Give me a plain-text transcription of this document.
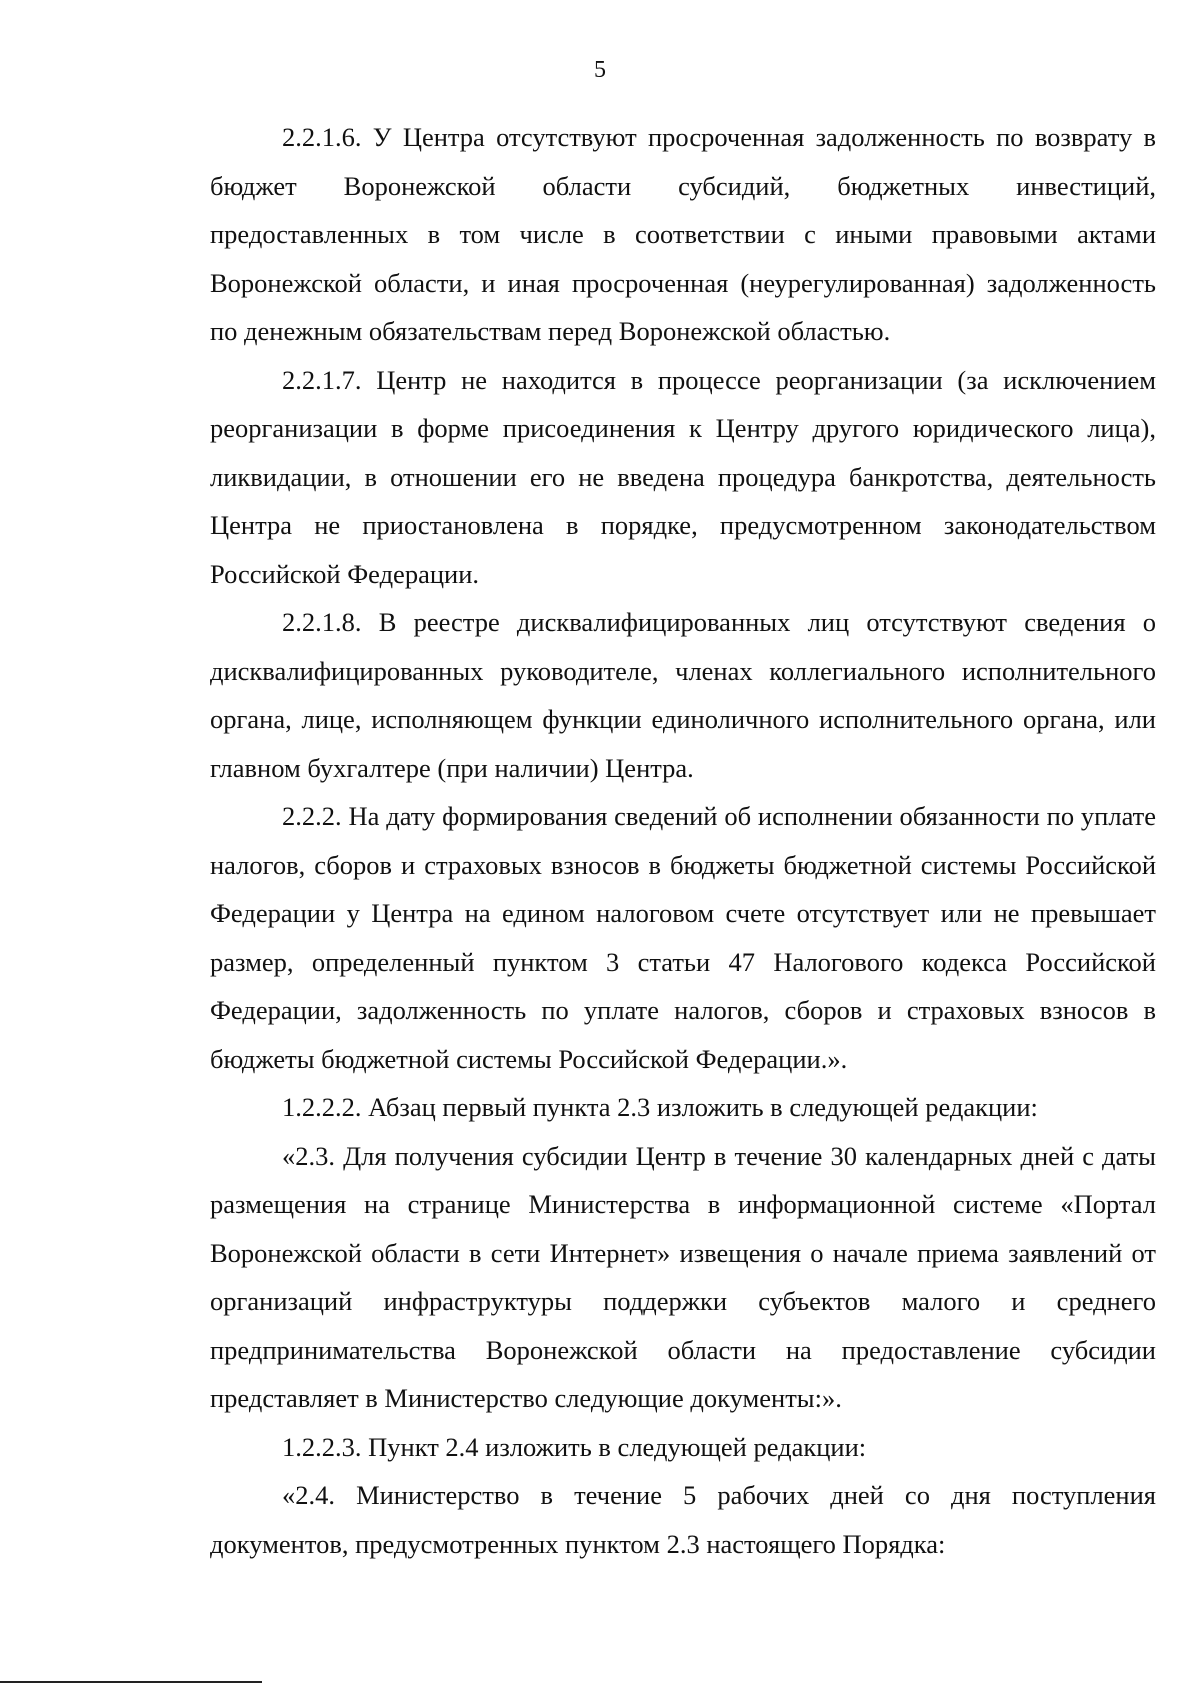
5

2.2.1.6. У Центра отсутствуют просроченная задолженность по возврату в бюджет Воронежской области субсидий, бюджетных инвестиций, предоставленных в том числе в соответствии с иными правовыми актами Воронежской области, и иная просроченная (неурегулированная) задолженность по денежным обязательствам перед Воронежской областью.

2.2.1.7. Центр не находится в процессе реорганизации (за исключением реорганизации в форме присоединения к Центру другого юридического лица), ликвидации, в отношении его не введена процедура банкротства, деятельность Центра не приостановлена в порядке, предусмотренном законодательством Российской Федерации.

2.2.1.8. В реестре дисквалифицированных лиц отсутствуют сведения о дисквалифицированных руководителе, членах коллегиального исполнительного органа, лице, исполняющем функции единоличного исполнительного органа, или главном бухгалтере (при наличии) Центра.

2.2.2. На дату формирования сведений об исполнении обязанности по уплате налогов, сборов и страховых взносов в бюджеты бюджетной системы Российской Федерации у Центра на едином налоговом счете отсутствует или не превышает размер, определенный пунктом 3 статьи 47 Налогового кодекса Российской Федерации, задолженность по уплате налогов, сборов и страховых взносов в бюджеты бюджетной системы Российской Федерации.».

1.2.2.2. Абзац первый пункта 2.3 изложить в следующей редакции:

«2.3. Для получения субсидии Центр в течение 30 календарных дней с даты размещения на странице Министерства в информационной системе «Портал Воронежской области в сети Интернет» извещения о начале приема заявлений от организаций инфраструктуры поддержки субъектов малого и среднего предпринимательства Воронежской области на предоставление субсидии представляет в Министерство следующие документы:».

1.2.2.3. Пункт 2.4 изложить в следующей редакции:

«2.4. Министерство в течение 5 рабочих дней со дня поступления документов, предусмотренных пунктом 2.3 настоящего Порядка:
